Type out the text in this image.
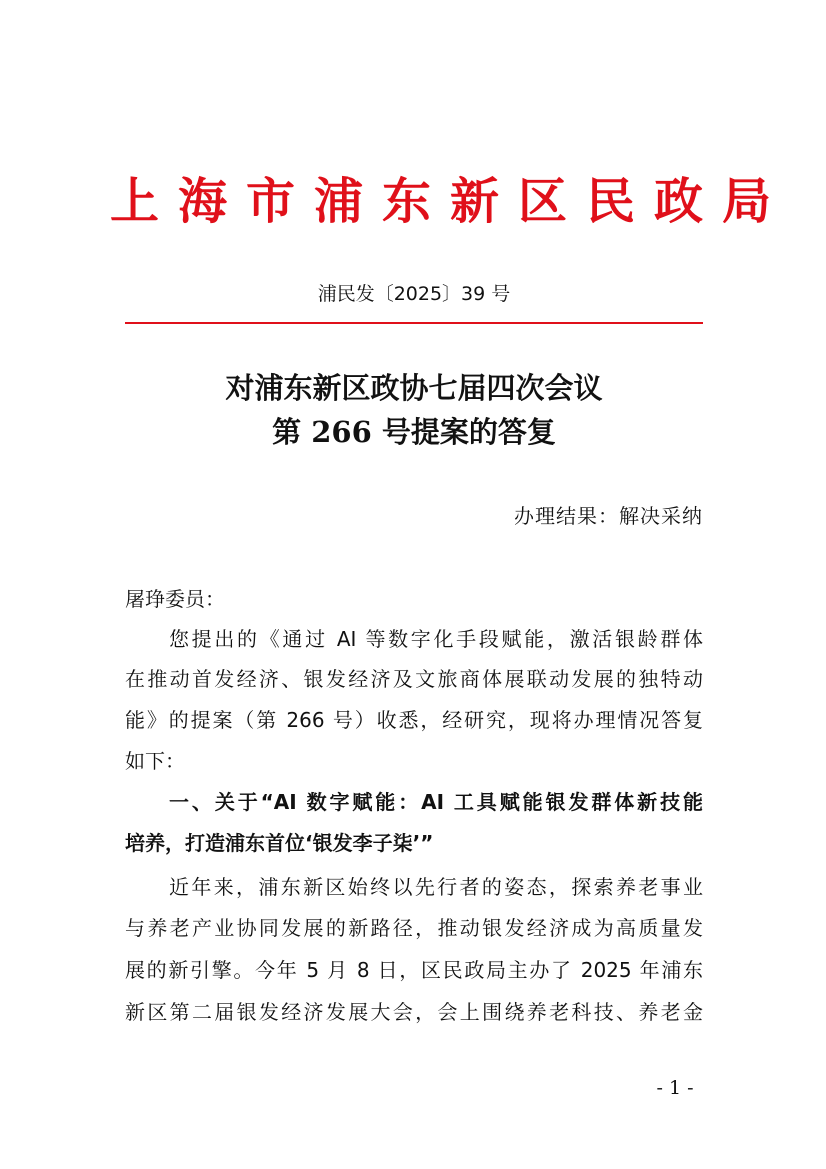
上海市浦东新区民政局
浦民发〔2025〕39 号
对浦东新区政协七届四次会议
第 266 号提案的答复
办理结果：解决采纳
屠琤委员：
您提出的《通过 AI 等数字化手段赋能，激活银龄群体
在推动首发经济、银发经济及文旅商体展联动发展的独特动
能》的提案（第 266 号）收悉，经研究，现将办理情况答复
如下：
一、关于“AI 数字赋能：AI 工具赋能银发群体新技能
培养，打造浦东首位‘银发李子柒’”
近年来，浦东新区始终以先行者的姿态，探索养老事业
与养老产业协同发展的新路径，推动银发经济成为高质量发
展的新引擎。今年 5 月 8 日，区民政局主办了 2025 年浦东
新区第二届银发经济发展大会，会上围绕养老科技、养老金
- 1 -
